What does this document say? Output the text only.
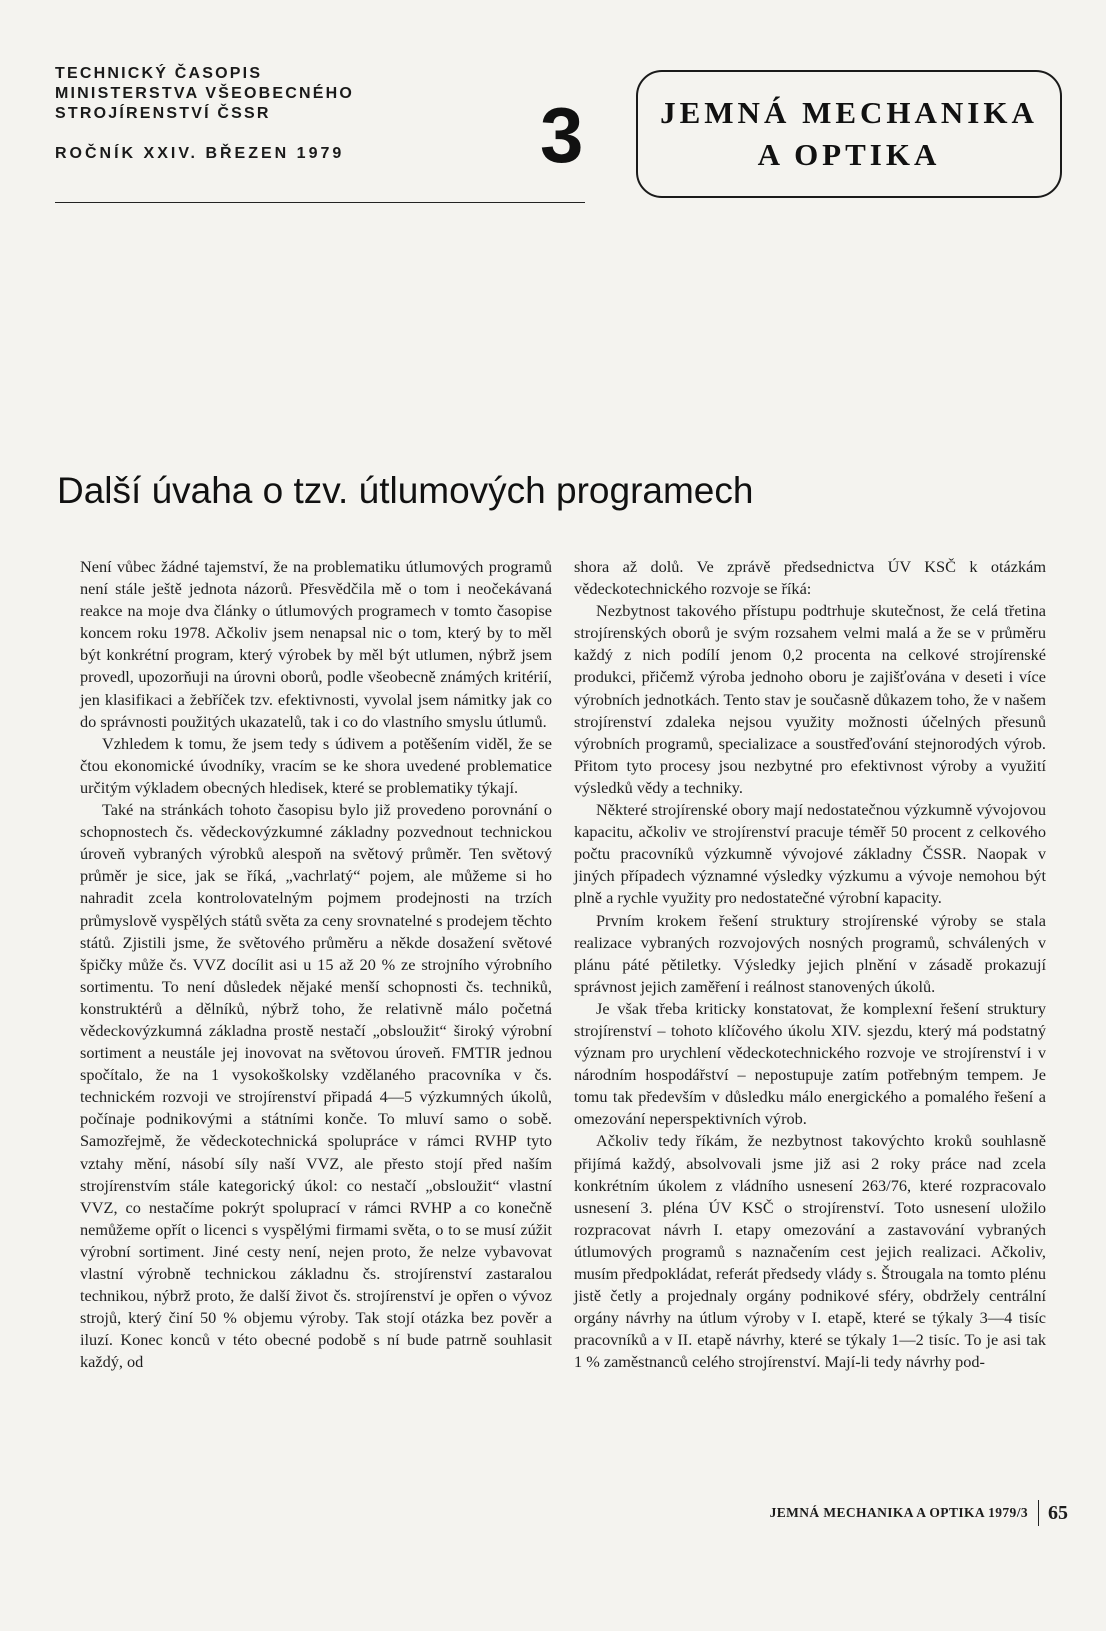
TECHNICKÝ ČASOPIS
MINISTERSTVA VŠEOBECNÉHO
STROJÍRENSTVÍ ČSSR
ROČNÍK XXIV. BŘEZEN 1979	3 JEMNÁ MECHANIKA
A OPTIKA
Další úvaha o tzv. útlumových programech

Není vůbec žádné tajemství, že na problematiku útlumových programů není stále ještě jednota názorů. Přesvědčila mě o tom i neočekávaná reakce na moje dva články o útlumových programech v tomto časopise koncem roku 1978. Ačkoliv jsem nenapsal nic o tom, který by to měl být konkrétní program, který výrobek by měl být utlumen, nýbrž jsem provedl, upozorňuji na úrovni oborů, podle všeobecně známých kritérií, jen klasifikaci a žebříček tzv. efektivnosti, vyvolal jsem námitky jak co do správnosti použitých ukazatelů, tak i co do vlastního smyslu útlumů.

Vzhledem k tomu, že jsem tedy s údivem a potěšením viděl, že se čtou ekonomické úvodníky, vracím se ke shora uvedené problematice určitým výkladem obecných hledisek, které se problematiky týkají.

Také na stránkách tohoto časopisu bylo již provedeno porovnání o schopnostech čs. vědeckovýzkumné základny pozvednout technickou úroveň vybraných výrobků alespoň na světový průměr. Ten světový průměr je sice, jak se říká, „vachrlatý“ pojem, ale můžeme si ho nahradit zcela kontrolovatelným pojmem prodejnosti na trzích průmyslově vyspělých států světa za ceny srovnatelné s prodejem těchto států. Zjistili jsme, že světového průměru a někde dosažení světové špičky může čs. VVZ docílit asi u 15 až 20 % ze strojního výrobního sortimentu. To není důsledek nějaké menší schopnosti čs. techniků, konstruktérů a dělníků, nýbrž toho, že relativně málo početná vědeckovýzkumná základna prostě nestačí „obsloužit“ široký výrobní sortiment a neustále jej inovovat na světovou úroveň. FMTIR jednou spočítalo, že na 1 vysokoškolsky vzdělaného pracovníka v čs. technickém rozvoji ve strojírenství připadá 4—5 výzkumných úkolů, počínaje podnikovými a státními konče. To mluví samo o sobě. Samozřejmě, že vědeckotechnická spolupráce v rámci RVHP tyto vztahy mění, násobí síly naší VVZ, ale přesto stojí před naším strojírenstvím stále kategorický úkol: co nestačí „obsloužit“ vlastní VVZ, co nestačíme pokrýt spoluprací v rámci RVHP a co konečně nemůžeme opřít o licenci s vyspělými firmami světa, o to se musí zúžit výrobní sortiment. Jiné cesty není, nejen proto, že nelze vybavovat vlastní výrobně technickou základnu čs. strojírenství zastaralou technikou, nýbrž proto, že další život čs. strojírenství je opřen o vývoz strojů, který činí 50 % objemu výroby. Tak stojí otázka bez pověr a iluzí. Konec konců v této obecné podobě s ní bude patrně souhlasit každý, od

shora až dolů. Ve zprávě předsednictva ÚV KSČ k otázkám vědeckotechnického rozvoje se říká:

Nezbytnost takového přístupu podtrhuje skutečnost, že celá třetina strojírenských oborů je svým rozsahem velmi malá a že se v průměru každý z nich podílí jenom 0,2 procenta na celkové strojírenské produkci, přičemž výroba jednoho oboru je zajišťována v deseti i více výrobních jednotkách. Tento stav je současně důkazem toho, že v našem strojírenství zdaleka nejsou využity možnosti účelných přesunů výrobních programů, specializace a soustřeďování stejnorodých výrob. Přitom tyto procesy jsou nezbytné pro efektivnost výroby a využití výsledků vědy a techniky.

Některé strojírenské obory mají nedostatečnou výzkumně vývojovou kapacitu, ačkoliv ve strojírenství pracuje téměř 50 procent z celkového počtu pracovníků výzkumně vývojové základny ČSSR. Naopak v jiných případech významné výsledky výzkumu a vývoje nemohou být plně a rychle využity pro nedostatečné výrobní kapacity.

Prvním krokem řešení struktury strojírenské výroby se stala realizace vybraných rozvojových nosných programů, schválených v plánu páté pětiletky. Výsledky jejich plnění v zásadě prokazují správnost jejich zaměření i reálnost stanovených úkolů.

Je však třeba kriticky konstatovat, že komplexní řešení struktury strojírenství – tohoto klíčového úkolu XIV. sjezdu, který má podstatný význam pro urychlení vědeckotechnického rozvoje ve strojírenství i v národním hospodářství – nepostupuje zatím potřebným tempem. Je tomu tak především v důsledku málo energického a pomalého řešení a omezování neperspektivních výrob.

Ačkoliv tedy říkám, že nezbytnost takovýchto kroků souhlasně přijímá každý, absolvovali jsme již asi 2 roky práce nad zcela konkrétním úkolem z vládního usnesení 263/76, které rozpracovalo usnesení 3. pléna ÚV KSČ o strojírenství. Toto usnesení uložilo rozpracovat návrh I. etapy omezování a zastavování vybraných útlumových programů s naznačením cest jejich realizaci. Ačkoliv, musím předpokládat, referát předsedy vlády s. Štrougala na tomto plénu jistě četly a projednaly orgány podnikové sféry, obdržely centrální orgány návrhy na útlum výroby v I. etapě, které se týkaly 3—4 tisíc pracovníků a v II. etapě návrhy, které se týkaly 1—2 tisíc. To je asi tak 1 % zaměstnanců celého strojírenství. Mají-li tedy návrhy pod-

JEMNÁ MECHANIKA A OPTIKA 1979/3 65
